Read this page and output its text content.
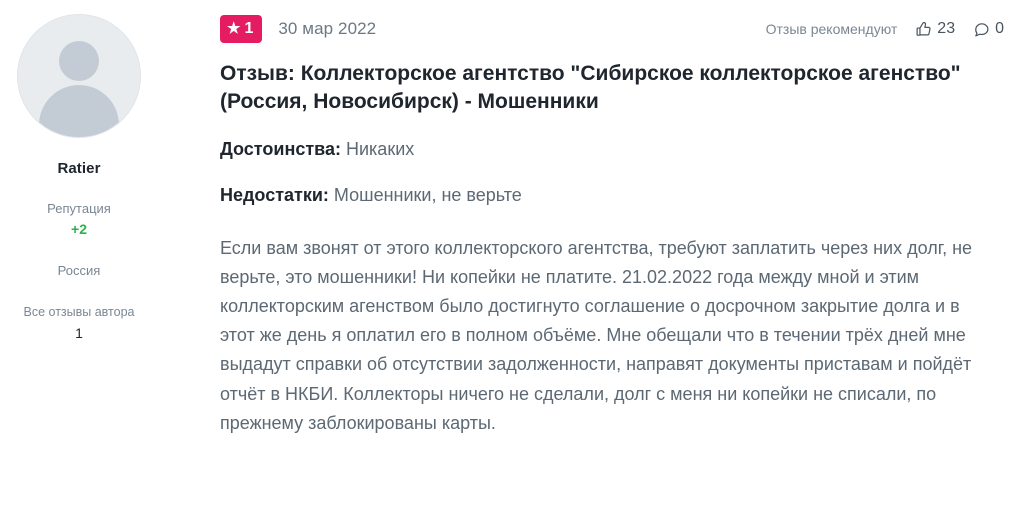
Ratier
Репутация
+2
Россия
Все отзывы автора
1
★ 1 30 мар 2022	Отзыв рекомендуют	23	0
Отзыв: Коллекторское агентство "Сибирское коллекторское агенство" (Россия, Новосибирск) - Мошенники

Достоинства: Никаких

Недостатки: Мошенники, не верьте

Если вам звонят от этого коллекторского агентства, требуют заплатить через них долг, не верьте, это мошенники! Ни копейки не платите. 21.02.2022 года между мной и этим коллекторским агенством было достигнуто соглашение о досрочном закрытие долга и в этот же день я оплатил его в полном объёме. Мне обещали что в течении трёх дней мне выдадут справки об отсутствии задолженности, направят документы приставам и пойдёт отчёт в НКБИ. Коллекторы ничего не сделали, долг с меня ни копейки не списали, по прежнему заблокированы карты.
